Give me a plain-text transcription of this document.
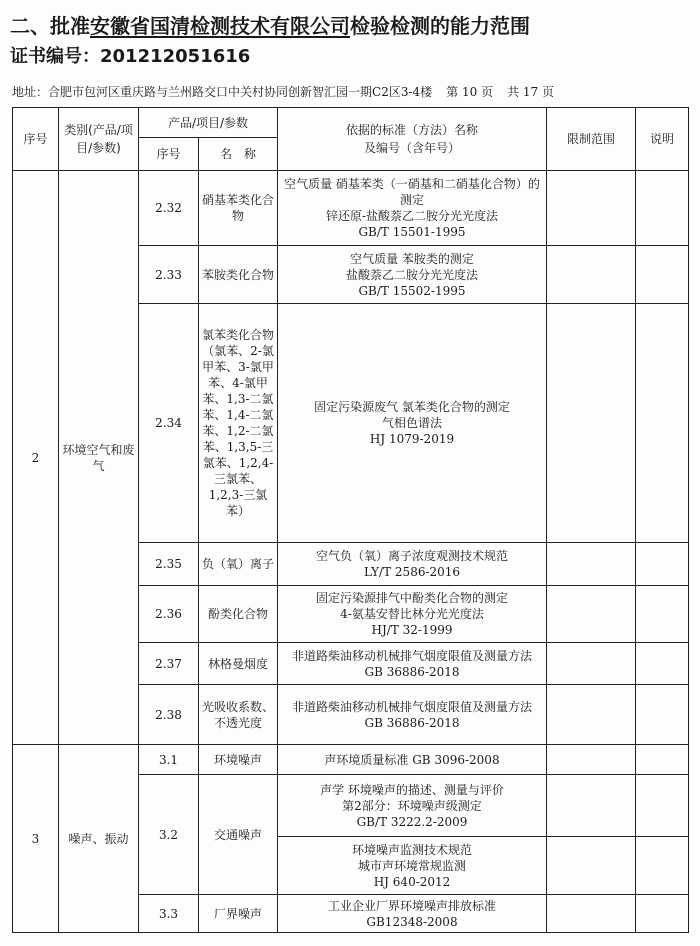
二、批准安徽省国清检测技术有限公司检验检测的能力范围
证书编号：201212051616
地址：合肥市包河区重庆路与兰州路交口中关村协同创新智汇园一期C2区3-4楼 第 10 页 共 17 页
序号	类别(产品/项目/参数)	产品/项目/参数		依据的标准（方法）名称
及编号（含年号）	限制范围	说明
		序号	名　称			
2	环境空气和废气	2.32	硝基苯类化合物	空气质量 硝基苯类（一硝基和二硝基化合物）的测定
锌还原-盐酸萘乙二胺分光光度法
GB/T 15501-1995		
		2.33	苯胺类化合物	空气质量 苯胺类的测定
盐酸萘乙二胺分光光度法
GB/T 15502-1995		
		2.34	氯苯类化合物（氯苯、2-氯甲苯、3-氯甲苯、4-氯甲苯、1,3-二氯苯、1,4-二氯苯、1,2-二氯苯、1,3,5-三氯苯、1,2,4-三氯苯、1,2,3-三氯苯）	固定污染源废气 氯苯类化合物的测定
气相色谱法
HJ 1079-2019		
		2.35	负（氧）离子	空气负（氧）离子浓度观测技术规范
LY/T 2586-2016		
		2.36	酚类化合物	固定污染源排气中酚类化合物的测定
4-氨基安替比林分光光度法
HJ/T 32-1999		
		2.37	林格曼烟度	非道路柴油移动机械排气烟度限值及测量方法 GB 36886-2018		
		2.38	光吸收系数、不透光度	非道路柴油移动机械排气烟度限值及测量方法 GB 36886-2018		
3	噪声、振动	3.1	环境噪声	声环境质量标准 GB 3096-2008		
		3.2	交通噪声	声学 环境噪声的描述、测量与评价
第2部分：环境噪声级测定
GB/T 3222.2-2009		
				环境噪声监测技术规范
城市声环境常规监测
HJ 640-2012		
		3.3	厂界噪声	工业企业厂界环境噪声排放标准
GB12348-2008		
